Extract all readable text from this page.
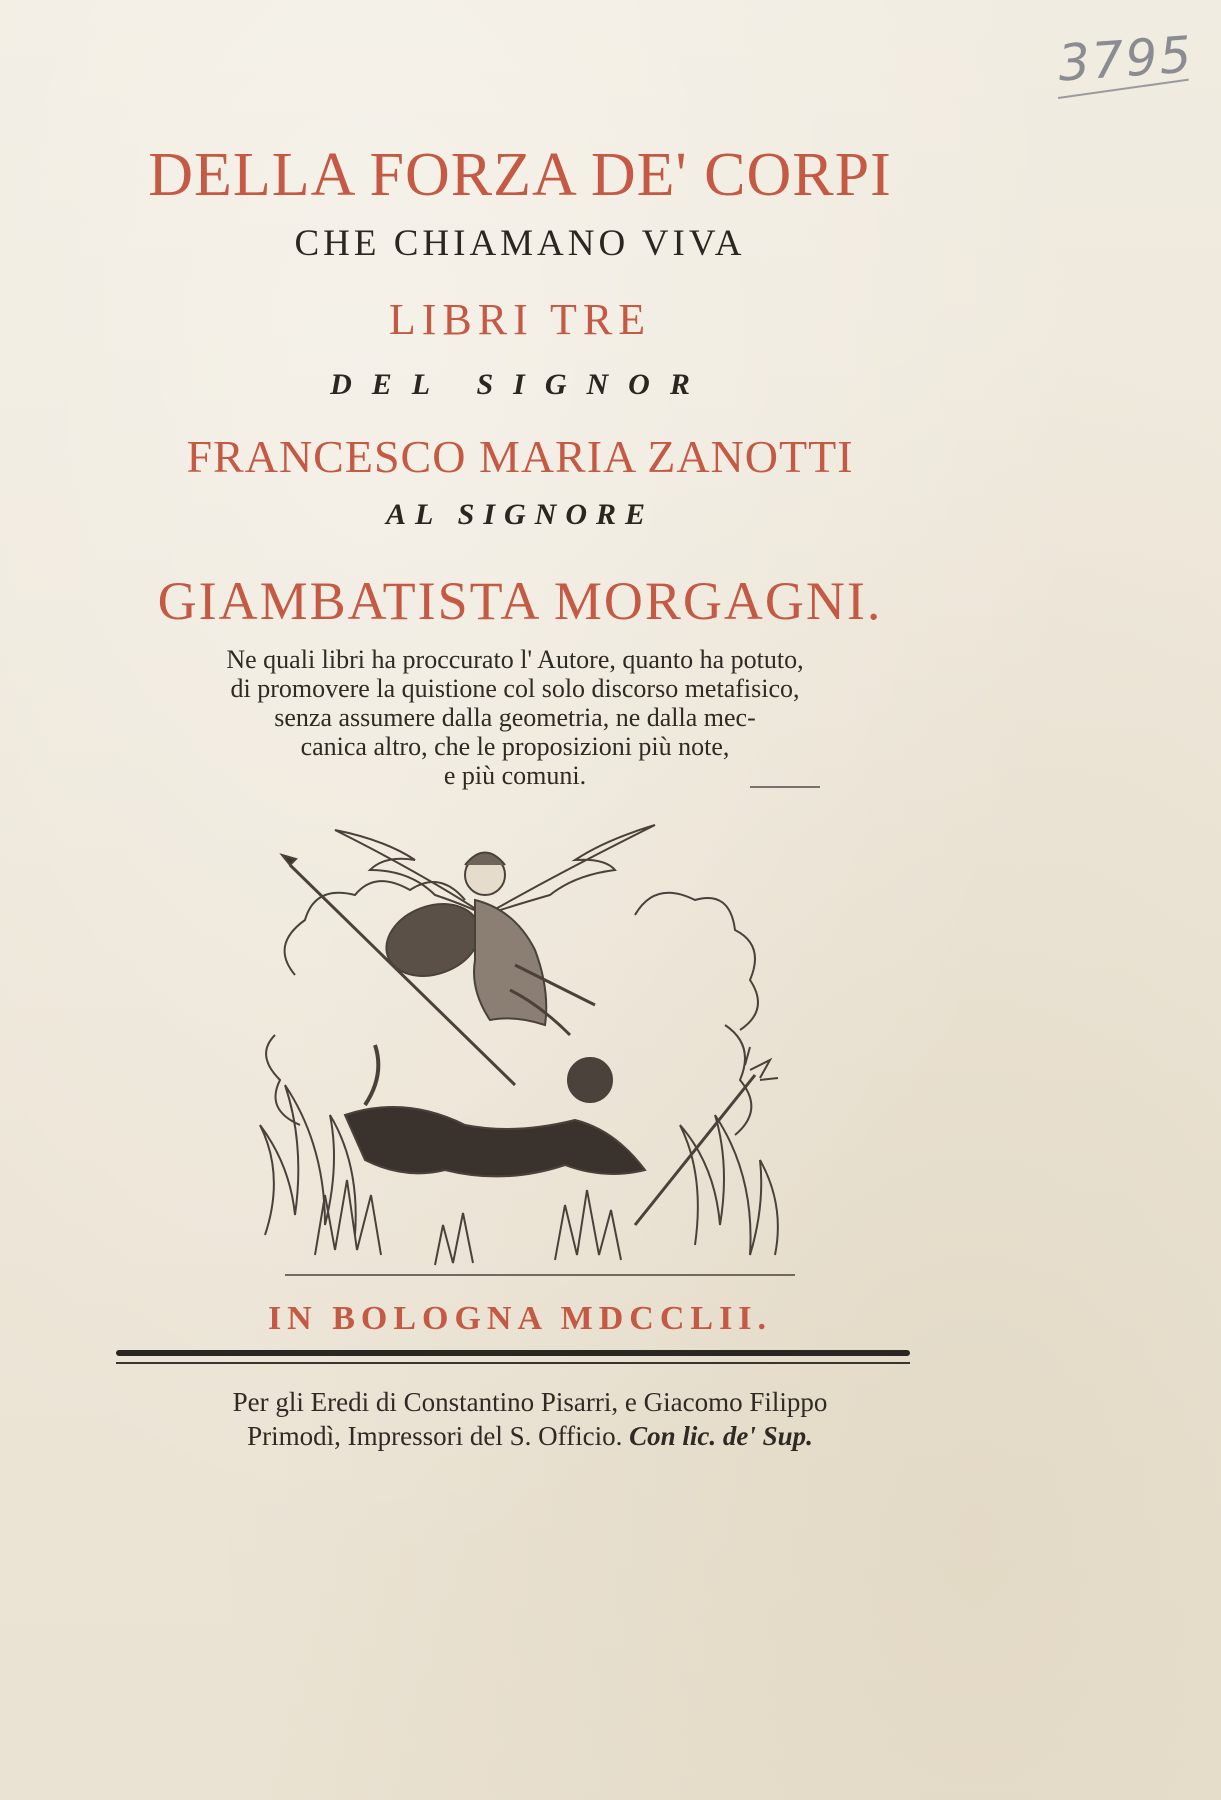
3795
DELLA FORZA DE' CORPI
CHE CHIAMANO VIVA
LIBRI TRE
DEL SIGNOR
FRANCESCO MARIA ZANOTTI
AL SIGNORE
GIAMBATISTA MORGAGNI.
Ne quali libri ha proccurato l' Autore, quanto ha potuto,
di promovere la quistione col solo discorso metafisico,
senza assumere dalla geometria, ne dalla mec-
canica altro, che le proposizioni più note,
e più comuni.
IN BOLOGNA MDCCLII.
Per gli Eredi di Constantino Pisarri, e Giacomo Filippo
Primodì, Impressori del S. Officio. Con lic. de' Sup.
